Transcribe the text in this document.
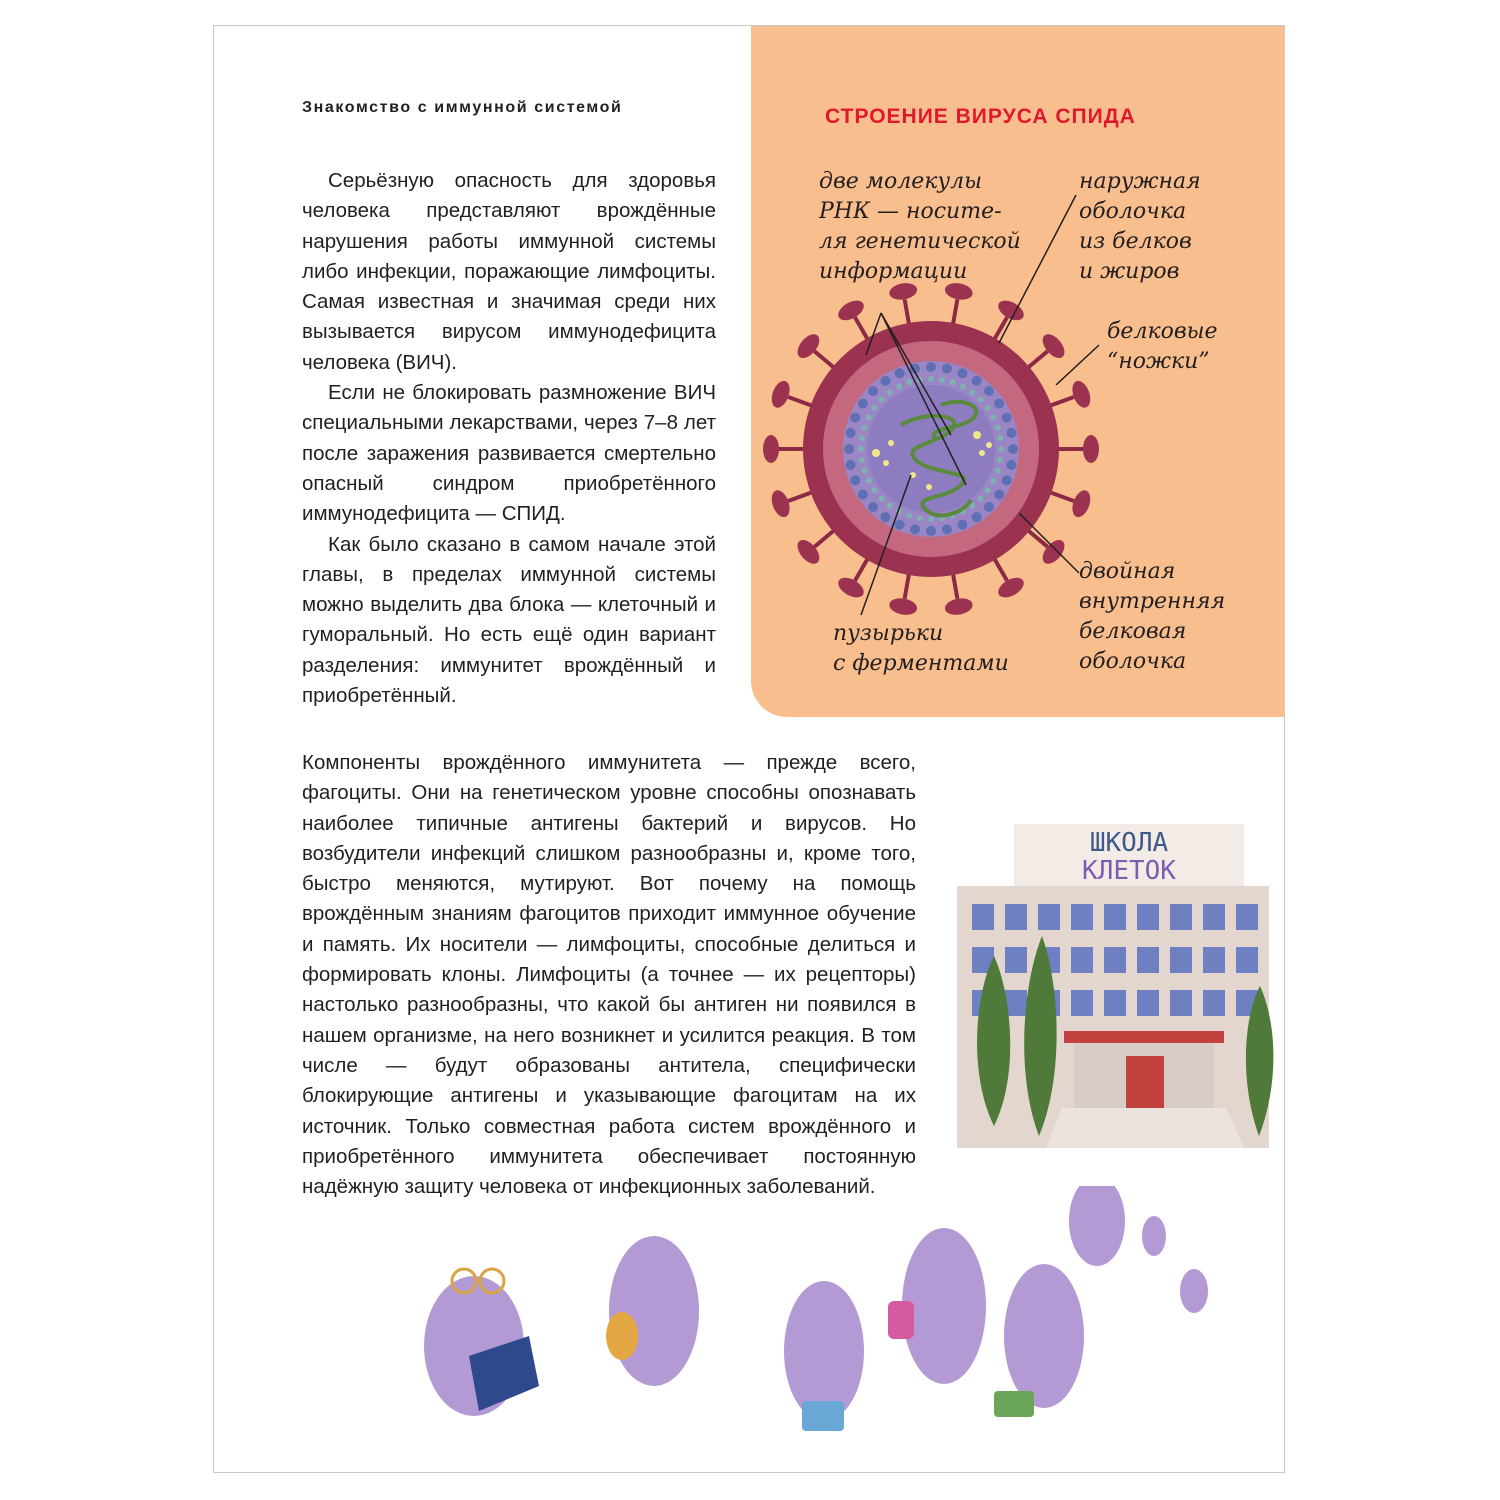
Знакомство с иммунной системой

Серьёзную опасность для здоровья человека представляют врождённые нарушения работы иммунной системы либо инфекции, поражающие лимфоциты. Самая известная и значимая среди них вызывается вирусом иммунодефицита человека (ВИЧ).

Если не блокировать размножение ВИЧ специальными лекарствами, через 7–8 лет после заражения развивается смертельно опасный синдром приобретённого иммунодефицита — СПИД.

Как было сказано в самом начале этой главы, в пределах иммунной системы можно выделить два блока — клеточный и гуморальный. Но есть ещё один вариант разделения: иммунитет врождённый и приобретённый.

Компоненты врождённого иммунитета — прежде всего, фагоциты. Они на генетическом уровне способны опознавать наиболее типичные антигены бактерий и вирусов. Но возбудители инфекций слишком разнообразны и, кроме того, быстро меняются, мутируют. Вот почему на помощь врождённым знаниям фагоцитов приходит иммунное обучение и память. Их носители — лимфоциты, способные делиться и формировать клоны. Лимфоциты (а точнее — их рецепторы) настолько разнообразны, что какой бы антиген ни появился в нашем организме, на него возникнет и усилится реакция. В том числе — будут образованы антитела, специфически блокирующие антигены и указывающие фагоцитам на их источник. Только совместная работа систем врождённого и приобретённого иммунитета обеспечивает постоянную надёжную защиту человека от инфекционных заболеваний.

СТРОЕНИЕ ВИРУСА СПИДА
две молекулы
РНК — носите-
ля генетической
информации
наружная
оболочка
из белков
и жиров
белковые
“ножки”
двойная
внутренняя
белковая
оболочка
пузырьки
с ферментами
ШКОЛА
КЛЕТОК
